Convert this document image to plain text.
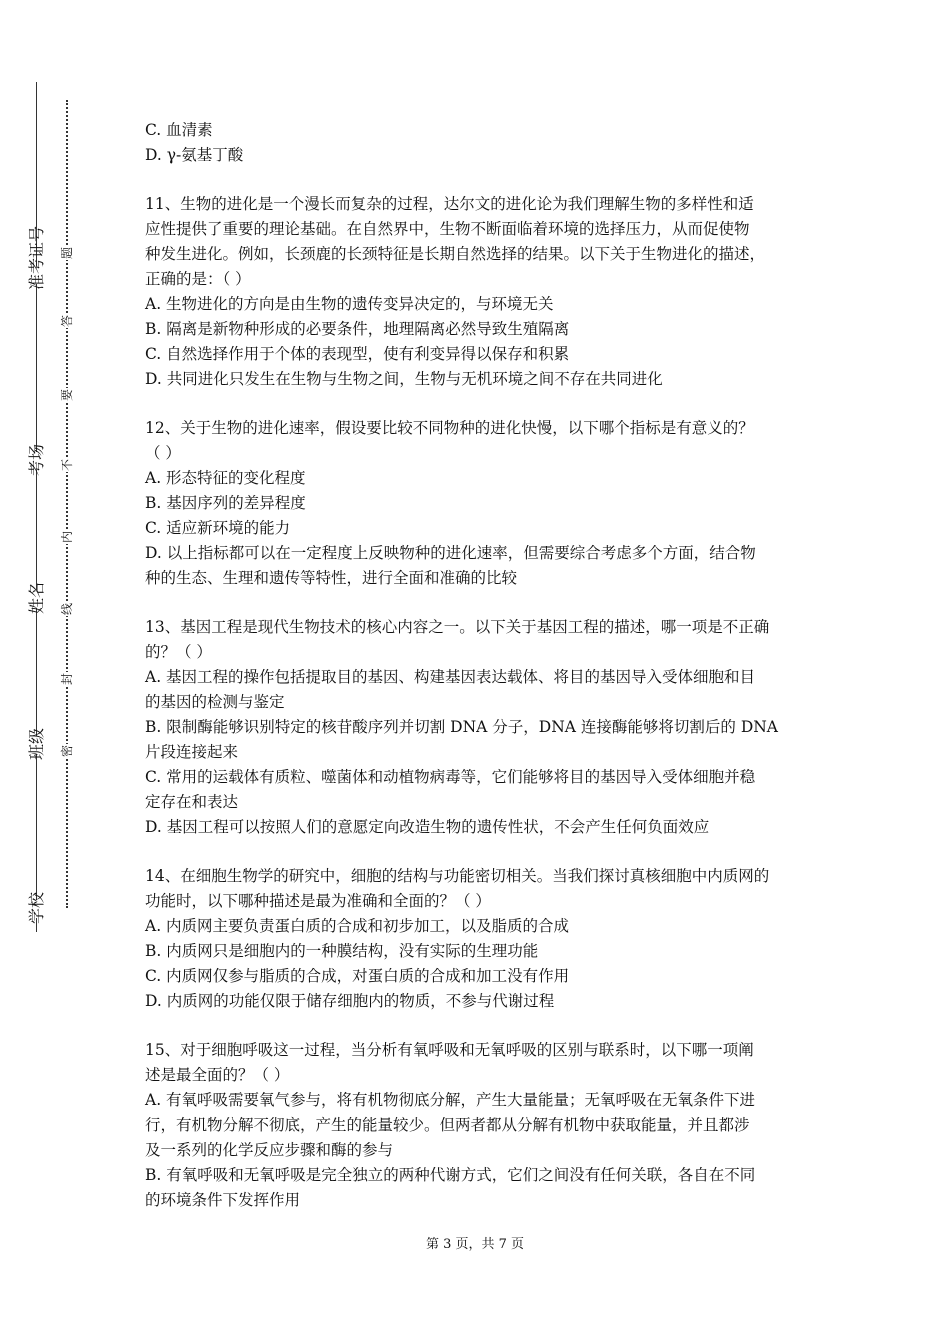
准考证号
考场
姓名
班级
学校
题
答
要
不
内
线
封
密
C. 血清素
D. γ-氨基丁酸
11、生物的进化是一个漫长而复杂的过程，达尔文的进化论为我们理解生物的多样性和适
应性提供了重要的理论基础。在自然界中，生物不断面临着环境的选择压力，从而促使物
种发生进化。例如，长颈鹿的长颈特征是长期自然选择的结果。以下关于生物进化的描述，
正确的是：（ ）
A. 生物进化的方向是由生物的遗传变异决定的，与环境无关
B. 隔离是新物种形成的必要条件，地理隔离必然导致生殖隔离
C. 自然选择作用于个体的表现型，使有利变异得以保存和积累
D. 共同进化只发生在生物与生物之间，生物与无机环境之间不存在共同进化
12、关于生物的进化速率，假设要比较不同物种的进化快慢，以下哪个指标是有意义的？
（ ）
A. 形态特征的变化程度
B. 基因序列的差异程度
C. 适应新环境的能力
D. 以上指标都可以在一定程度上反映物种的进化速率，但需要综合考虑多个方面，结合物
种的生态、生理和遗传等特性，进行全面和准确的比较
13、基因工程是现代生物技术的核心内容之一。以下关于基因工程的描述，哪一项是不正确
的？（ ）
A. 基因工程的操作包括提取目的基因、构建基因表达载体、将目的基因导入受体细胞和目
的基因的检测与鉴定
B. 限制酶能够识别特定的核苷酸序列并切割 DNA 分子，DNA 连接酶能够将切割后的 DNA
片段连接起来
C. 常用的运载体有质粒、噬菌体和动植物病毒等，它们能够将目的基因导入受体细胞并稳
定存在和表达
D. 基因工程可以按照人们的意愿定向改造生物的遗传性状，不会产生任何负面效应
14、在细胞生物学的研究中，细胞的结构与功能密切相关。当我们探讨真核细胞中内质网的
功能时，以下哪种描述是最为准确和全面的？（ ）
A. 内质网主要负责蛋白质的合成和初步加工，以及脂质的合成
B. 内质网只是细胞内的一种膜结构，没有实际的生理功能
C. 内质网仅参与脂质的合成，对蛋白质的合成和加工没有作用
D. 内质网的功能仅限于储存细胞内的物质，不参与代谢过程
15、对于细胞呼吸这一过程，当分析有氧呼吸和无氧呼吸的区别与联系时，以下哪一项阐
述是最全面的？（ ）
A. 有氧呼吸需要氧气参与，将有机物彻底分解，产生大量能量；无氧呼吸在无氧条件下进
行，有机物分解不彻底，产生的能量较少。但两者都从分解有机物中获取能量，并且都涉
及一系列的化学反应步骤和酶的参与
B. 有氧呼吸和无氧呼吸是完全独立的两种代谢方式，它们之间没有任何关联，各自在不同
的环境条件下发挥作用
第 3 页，共 7 页
